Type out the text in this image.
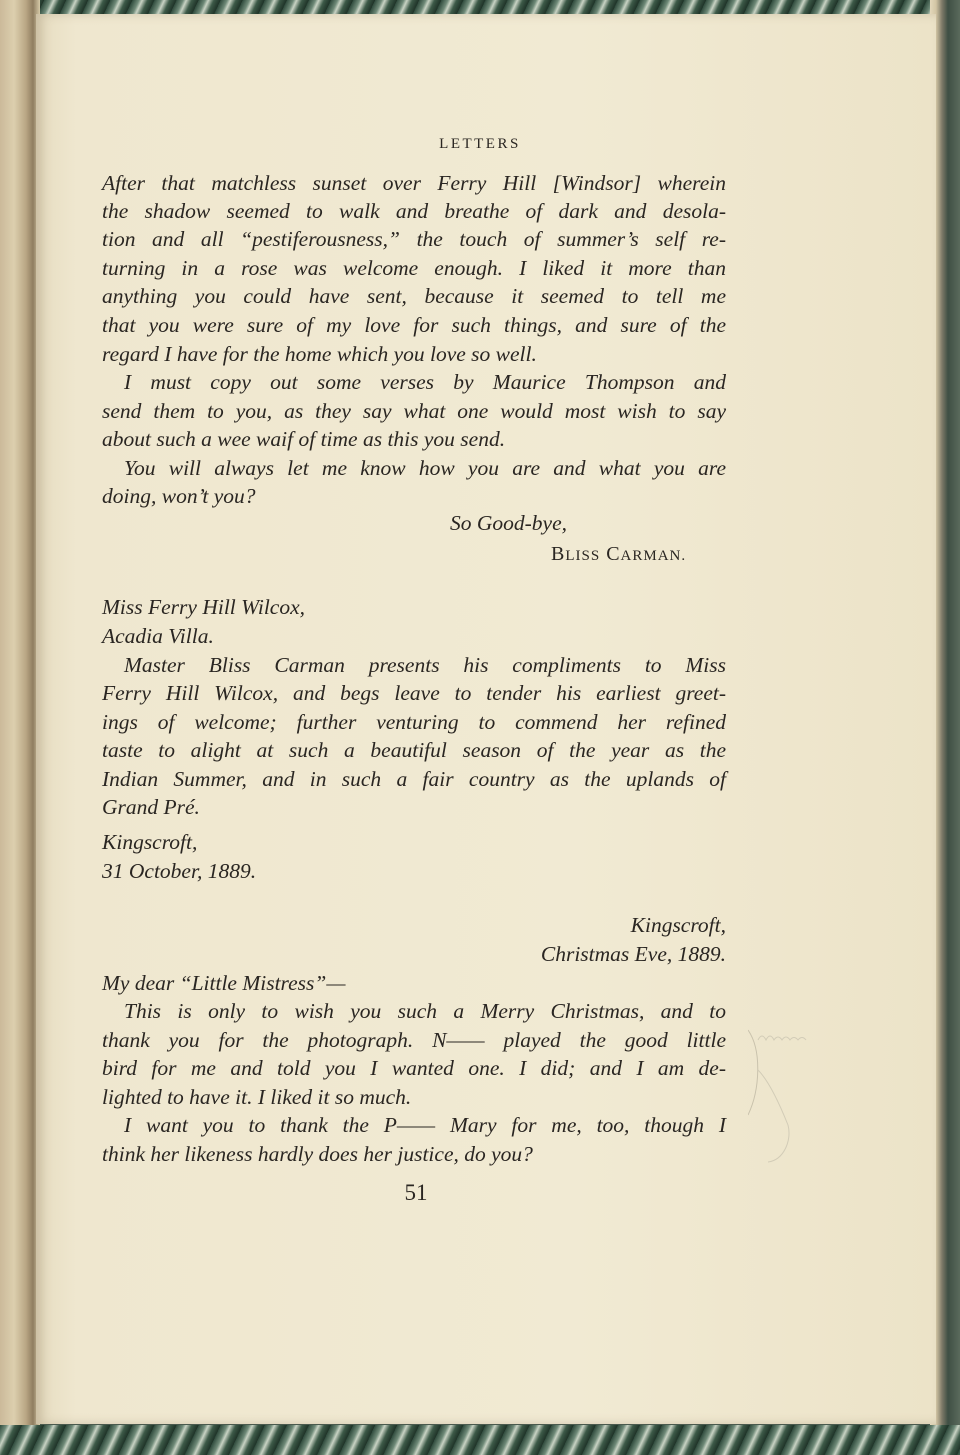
LETTERS
After that matchless sunset over Ferry Hill [Windsor] wherein
the shadow seemed to walk and breathe of dark and desola-
tion and all “pestiferousness,” the touch of summer’s self re-
turning in a rose was welcome enough. I liked it more than
anything you could have sent, because it seemed to tell me
that you were sure of my love for such things, and sure of the
regard I have for the home which you love so well.
I must copy out some verses by Maurice Thompson and
send them to you, as they say what one would most wish to say
about such a wee waif of time as this you send.
You will always let me know how you are and what you are
doing, won’t you?
So Good-bye,
BLISS CARMAN.
Miss Ferry Hill Wilcox,
Acadia Villa.
Master Bliss Carman presents his compliments to Miss
Ferry Hill Wilcox, and begs leave to tender his earliest greet-
ings of welcome; further venturing to commend her refined
taste to alight at such a beautiful season of the year as the
Indian Summer, and in such a fair country as the uplands of
Grand Pré.
Kingscroft,
31 October, 1889.
Kingscroft,
Christmas Eve, 1889.
My dear “Little Mistress”—
This is only to wish you such a Merry Christmas, and to
thank you for the photograph. N—— played the good little
bird for me and told you I wanted one. I did; and I am de-
lighted to have it. I liked it so much.
I want you to thank the P—— Mary for me, too, though I
think her likeness hardly does her justice, do you?
51
